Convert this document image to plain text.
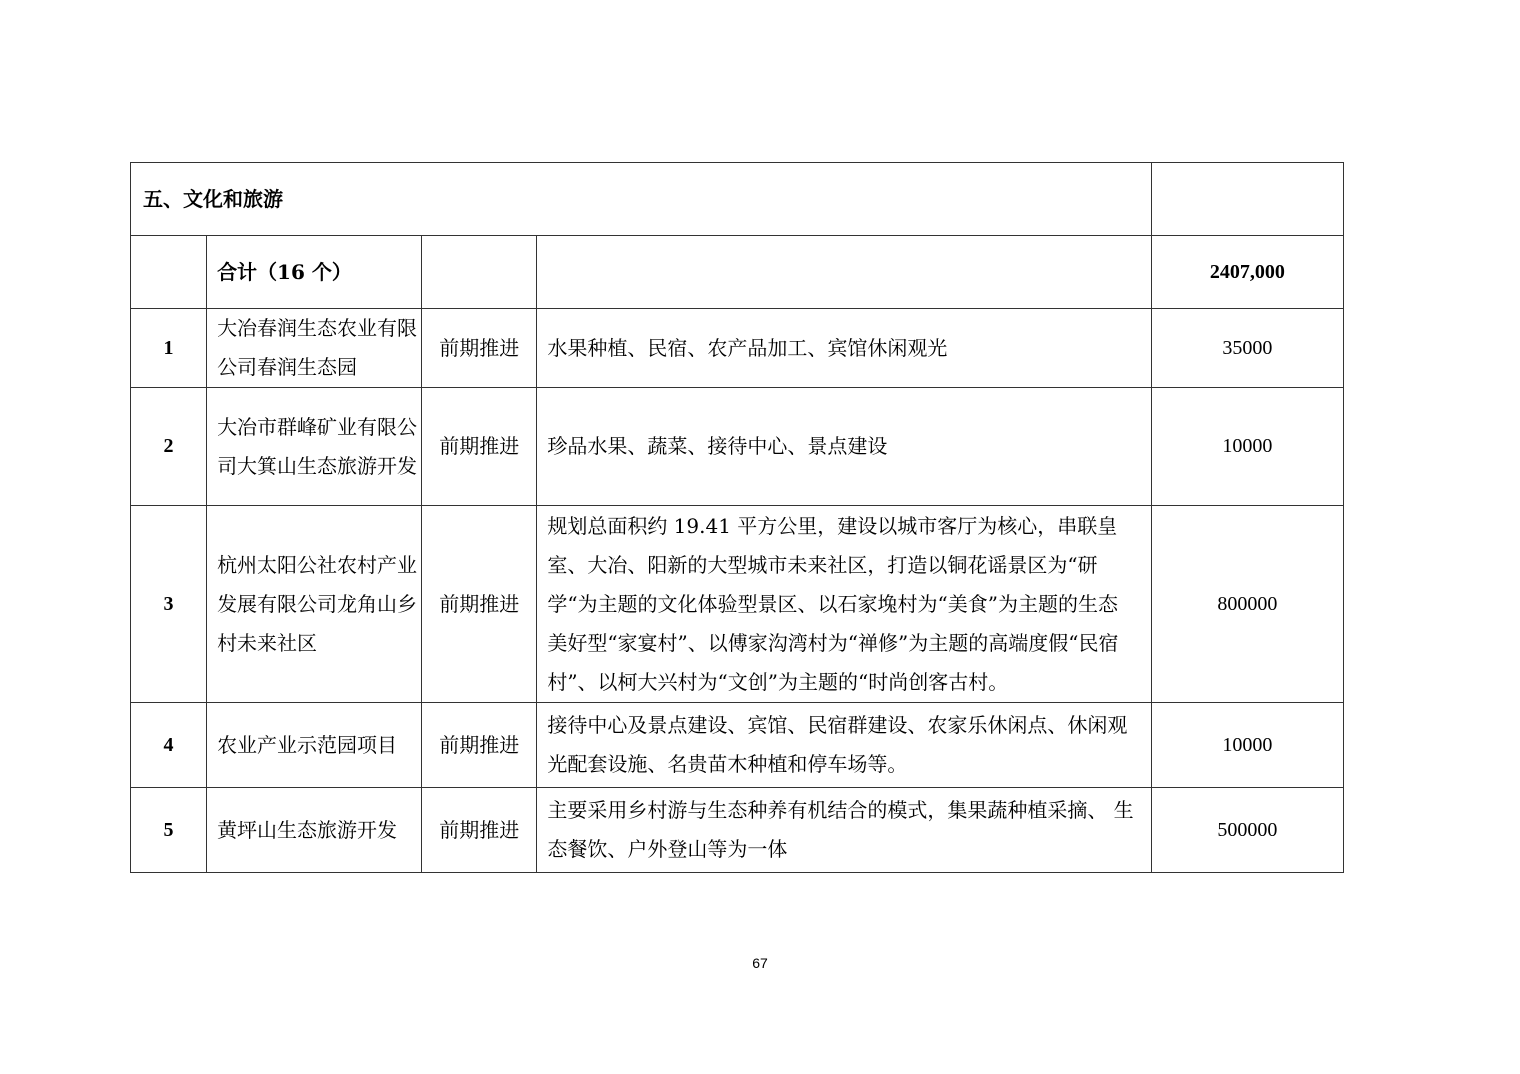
五、文化和旅游				
	合计（16 个）			2407,000
1	大冶春润生态农业有限公司春润生态园	前期推进	水果种植、民宿、农产品加工、宾馆休闲观光	35000
2	大冶市群峰矿业有限公司大箕山生态旅游开发	前期推进	珍品水果、蔬菜、接待中心、景点建设	10000
3	杭州太阳公社农村产业发展有限公司龙角山乡村未来社区	前期推进	规划总面积约 19.41 平方公里，建设以城市客厅为核心，串联皇室、大冶、阳新的大型城市未来社区，打造以铜花谣景区为“研学“为主题的文化体验型景区、以石家堍村为“美食”为主题的生态美好型“家宴村”、以傅家沟湾村为“禅修”为主题的高端度假“民宿村”、以柯大兴村为“文创”为主题的“时尚创客古村。	800000
4	农业产业示范园项目	前期推进	接待中心及景点建设、宾馆、民宿群建设、农家乐休闲点、休闲观光配套设施、名贵苗木种植和停车场等。	10000
5	黄坪山生态旅游开发	前期推进	主要采用乡村游与生态种养有机结合的模式，集果蔬种植采摘、 生态餐饮、户外登山等为一体	500000
67
